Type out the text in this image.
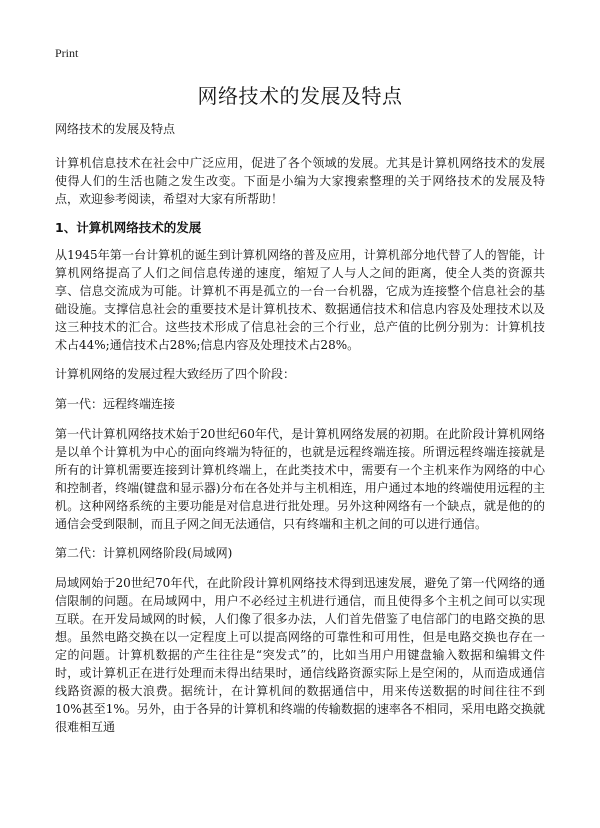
Print
网络技术的发展及特点

网络技术的发展及特点

计算机信息技术在社会中广泛应用，促进了各个领域的发展。尤其是计算机网络技术的发展使得人们的生活也随之发生改变。下面是小编为大家搜索整理的关于网络技术的发展及特点，欢迎参考阅读，希望对大家有所帮助！

1、计算机网络技术的发展

从1945年第一台计算机的诞生到计算机网络的普及应用，计算机部分地代替了人的智能，计算机网络提高了人们之间信息传递的速度，缩短了人与人之间的距离，使全人类的资源共享、信息交流成为可能。计算机不再是孤立的一台一台机器，它成为连接整个信息社会的基础设施。支撑信息社会的重要技术是计算机技术、数据通信技术和信息内容及处理技术以及这三种技术的汇合。这些技术形成了信息社会的三个行业，总产值的比例分别为：计算机技术占44%;通信技术占28%;信息内容及处理技术占28%。

计算机网络的发展过程大致经历了四个阶段：

第一代：远程终端连接

第一代计算机网络技术始于20世纪60年代，是计算机网络发展的初期。在此阶段计算机网络是以单个计算机为中心的面向终端为特征的，也就是远程终端连接。所谓远程终端连接就是所有的计算机需要连接到计算机终端上，在此类技术中，需要有一个主机来作为网络的中心和控制者，终端(键盘和显示器)分布在各处并与主机相连，用户通过本地的终端使用远程的主机。这种网络系统的主要功能是对信息进行批处理。另外这种网络有一个缺点，就是他的的通信会受到限制，而且子网之间无法通信，只有终端和主机之间的可以进行通信。

第二代：计算机网络阶段(局域网)

局域网始于20世纪70年代，在此阶段计算机网络技术得到迅速发展，避免了第一代网络的通信限制的问题。在局域网中，用户不必经过主机进行通信，而且使得多个主机之间可以实现互联。在开发局域网的时候，人们像了很多办法，人们首先借鉴了电信部门的电路交换的思想。虽然电路交换在以一定程度上可以提高网络的可靠性和可用性，但是电路交换也存在一定的问题。计算机数据的产生往往是“突发式”的，比如当用户用键盘输入数据和编辑文件时，或计算机正在进行处理而未得出结果时，通信线路资源实际上是空闲的，从而造成通信线路资源的极大浪费。据统计，在计算机间的数据通信中，用来传送数据的时间往往不到10%甚至1%。另外，由于各异的计算机和终端的传输数据的速率各不相同，采用电路交换就很难相互通
